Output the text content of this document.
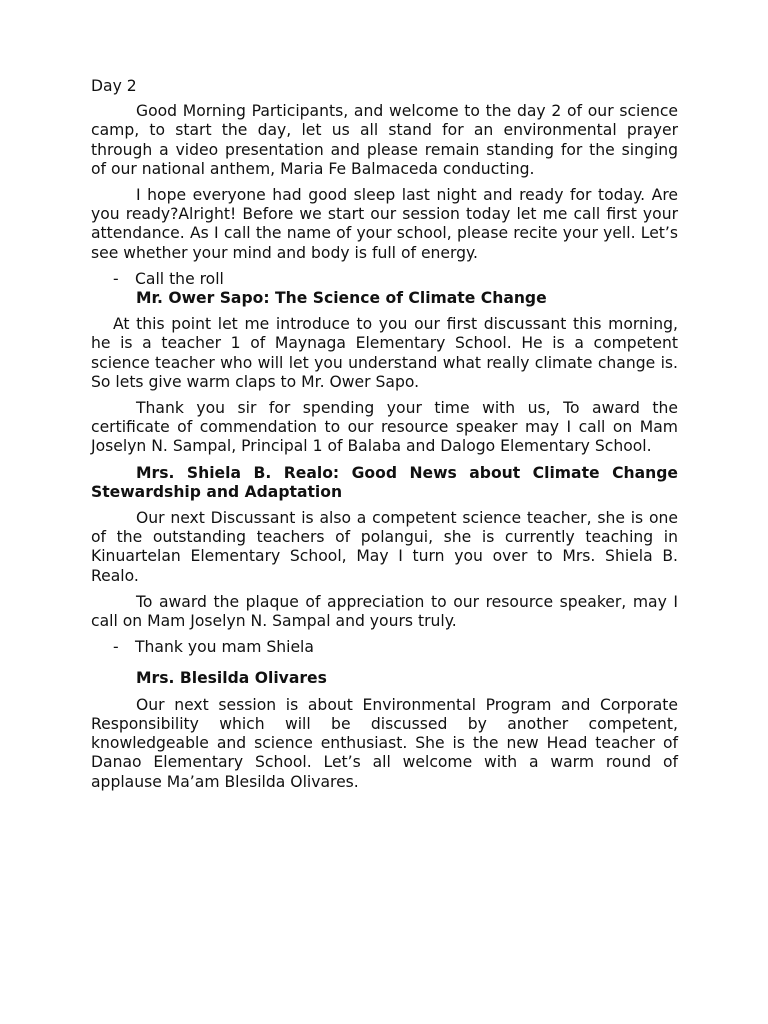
Day 2

Good Morning Participants, and welcome to the day 2 of our science camp, to start the day, let us all stand for an environmental prayer through a video presentation and please remain standing for the singing of our national anthem, Maria Fe Balmaceda conducting.

I hope everyone had good sleep last night and ready for today. Are you ready?Alright! Before we start our session today let me call first your attendance. As I call the name of your school, please recite your yell. Let’s see whether your mind and body is full of energy.

-	Call the roll

Mr. Ower Sapo: The Science of Climate Change

At this point let me introduce to you our first discussant this morning, he is a teacher 1 of Maynaga Elementary School. He is a competent science teacher who will let you understand what really climate change is. So lets give warm claps to Mr. Ower Sapo.

Thank you sir for spending your time with us, To award the certificate of commendation to our resource speaker may I call on Mam Joselyn N. Sampal, Principal 1 of Balaba and Dalogo Elementary School.

Mrs. Shiela B. Realo: Good News about Climate Change Stewardship and Adaptation

Our next Discussant is also a competent science teacher, she is one of the outstanding teachers of polangui, she is currently teaching in Kinuartelan Elementary School, May I turn you over to Mrs. Shiela B. Realo.

To award the plaque of appreciation to our resource speaker, may I call on Mam Joselyn N. Sampal and yours truly.

-	Thank you mam Shiela

Mrs. Blesilda Olivares

Our next session is about Environmental Program and Corporate Responsibility which will be discussed by another competent, knowledgeable and science enthusiast. She is the new Head teacher of Danao Elementary School. Let’s all welcome with a warm round of applause Ma’am Blesilda Olivares.
